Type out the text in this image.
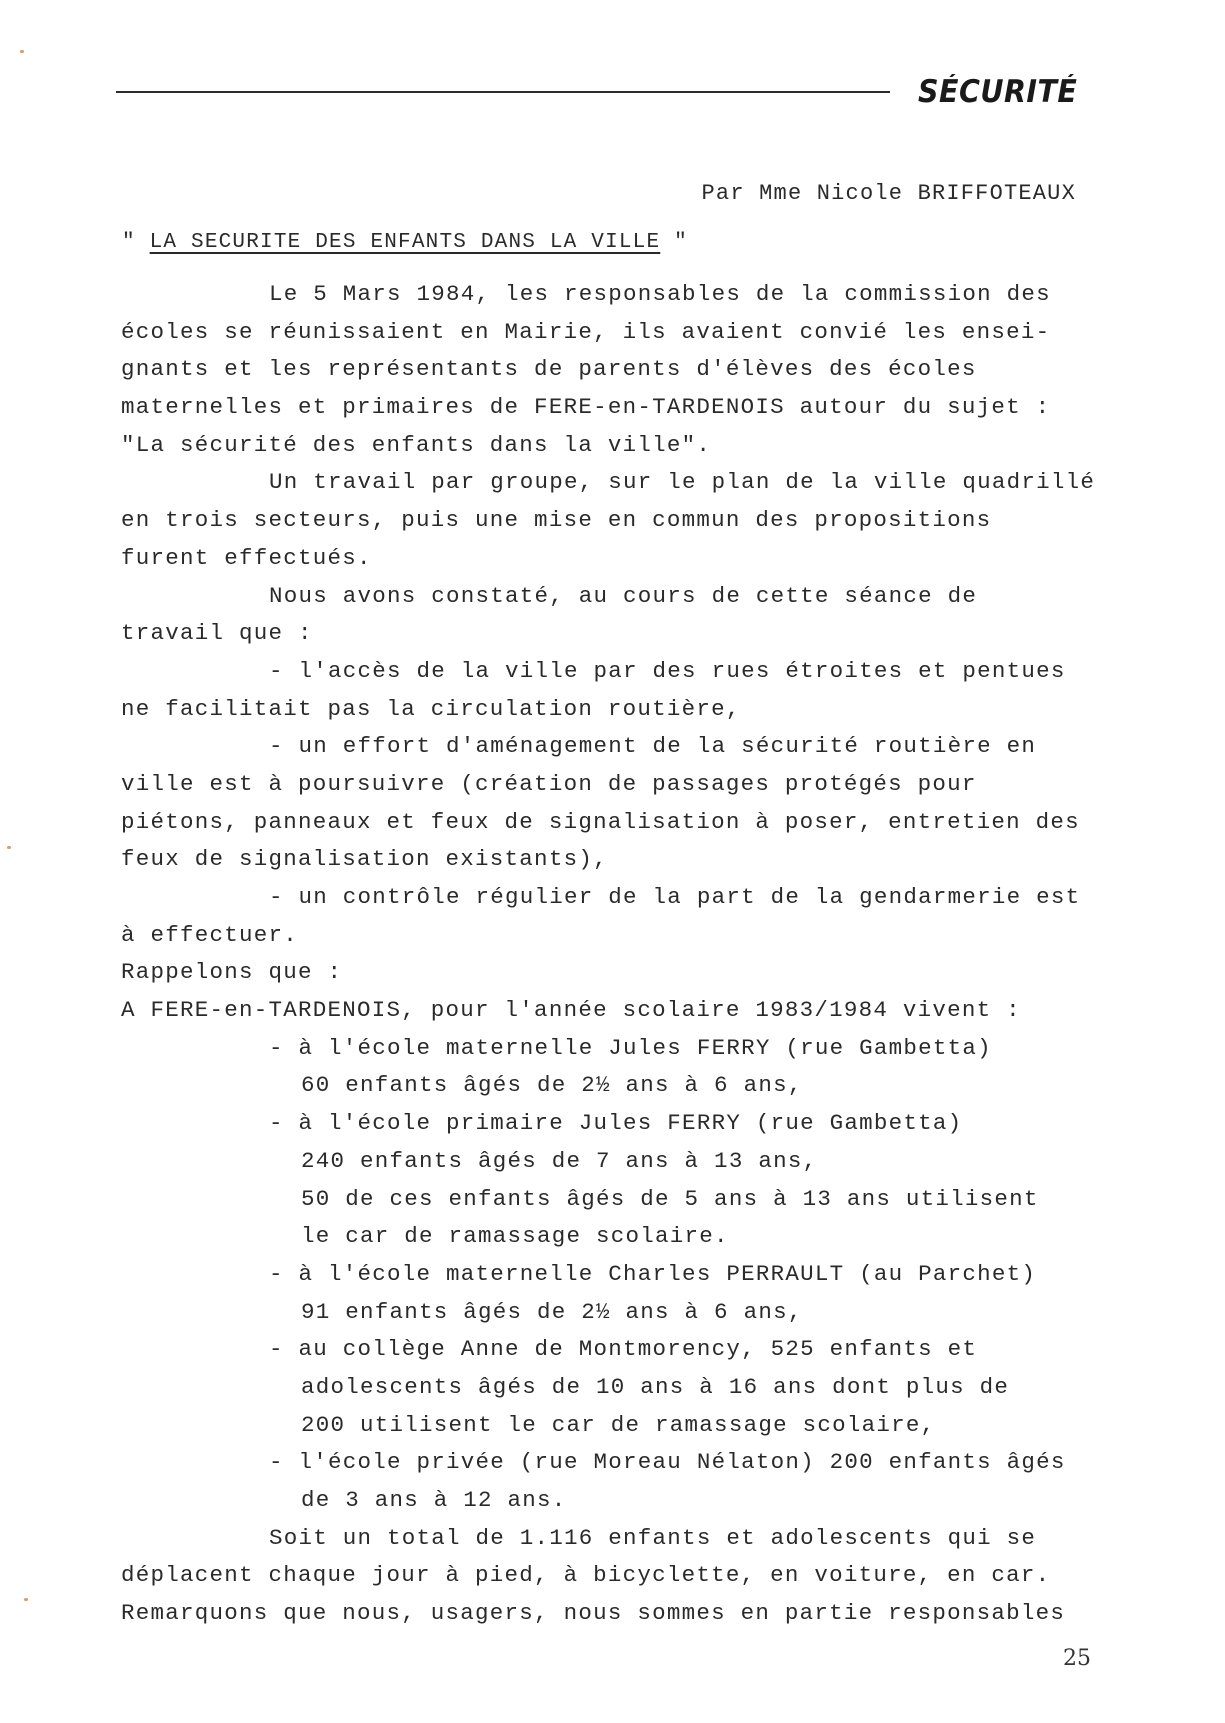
SÉCURITÉ
Par Mme Nicole BRIFFOTEAUX
" LA SECURITE DES ENFANTS DANS LA VILLE "
Le 5 Mars 1984, les responsables de la commission des
écoles se réunissaient en Mairie, ils avaient convié les ensei-
gnants et les représentants de parents d'élèves des écoles
maternelles et primaires de FERE-en-TARDENOIS autour du sujet :
"La sécurité des enfants dans la ville".
Un travail par groupe, sur le plan de la ville quadrillé
en trois secteurs, puis une mise en commun des propositions
furent effectués.
Nous avons constaté, au cours de cette séance de
travail que :
- l'accès de la ville par des rues étroites et pentues
ne facilitait pas la circulation routière,
- un effort d'aménagement de la sécurité routière en
ville est à poursuivre (création de passages protégés pour
piétons, panneaux et feux de signalisation à poser, entretien des
feux de signalisation existants),
- un contrôle régulier de la part de la gendarmerie est
à effectuer.
Rappelons que :
A FERE-en-TARDENOIS, pour l'année scolaire 1983/1984 vivent :
- à l'école maternelle Jules FERRY (rue Gambetta)
60 enfants âgés de 2½ ans à 6 ans,
- à l'école primaire Jules FERRY (rue Gambetta)
240 enfants âgés de 7 ans à 13 ans,
50 de ces enfants âgés de 5 ans à 13 ans utilisent
le car de ramassage scolaire.
- à l'école maternelle Charles PERRAULT (au Parchet)
91 enfants âgés de 2½ ans à 6 ans,
- au collège Anne de Montmorency, 525 enfants et
adolescents âgés de 10 ans à 16 ans dont plus de
200 utilisent le car de ramassage scolaire,
- l'école privée (rue Moreau Nélaton) 200 enfants âgés
de 3 ans à 12 ans.
Soit un total de 1.116 enfants et adolescents qui se
déplacent chaque jour à pied, à bicyclette, en voiture, en car.
Remarquons que nous, usagers, nous sommes en partie responsables
25
